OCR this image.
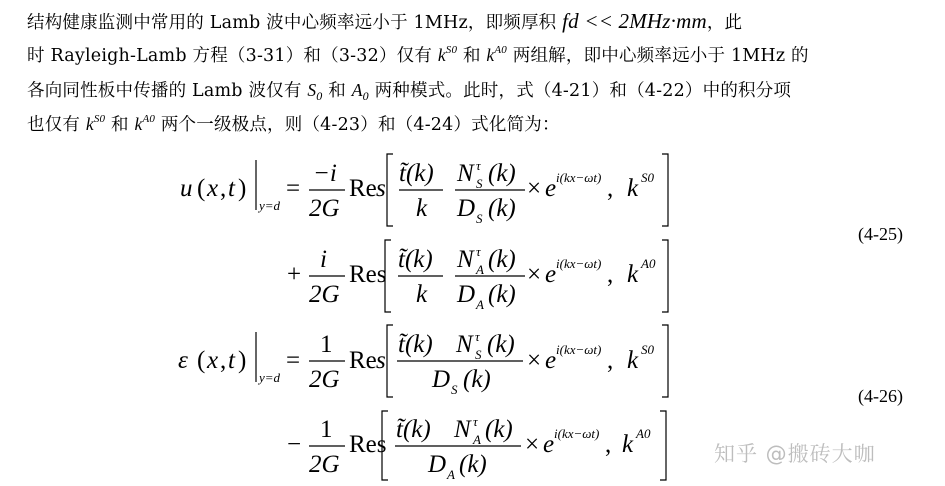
结构健康监测中常用的 Lamb 波中心频率远小于 1MHz，即频厚积 fd << 2MHz·mm，此
时 Rayleigh-Lamb 方程（3-31）和（3-32）仅有 $k^{S0}$ 和 $k^{A0}$ 两组解，即中心频率远小于 1MHz 的
各向同性板中传播的 Lamb 波仅有 $S_0$ 和 $A_0$ 两种模式。此时，式（4-21）和（4-22）中的积分项
也仅有 $k^{S0}$ 和 $k^{A0}$ 两个一级极点，则（4-23）和（4-24）式化简为：
u ( x , t )
y=d
=
−i
2G
Re s
t̃(k)
k
N τ
S (k)
D S (k)
× e i(kx−ωt) , k S0
+
i
2G
Res
t̃(k)
k
N τ
A (k)
D A (k)
× e i(kx−ωt) , k A0
ε ( x , t )
y=d
=
1
2G
Re s
t̃(k) N τ
S (k)
D S (k)
× e i(kx−ωt) , k S0
−
1
2G
Res
t̃(k) N τ
A (k)
D A (k)
× e i(kx−ωt) , k A0
(4-25)
(4-26)
知乎 @搬砖大咖
